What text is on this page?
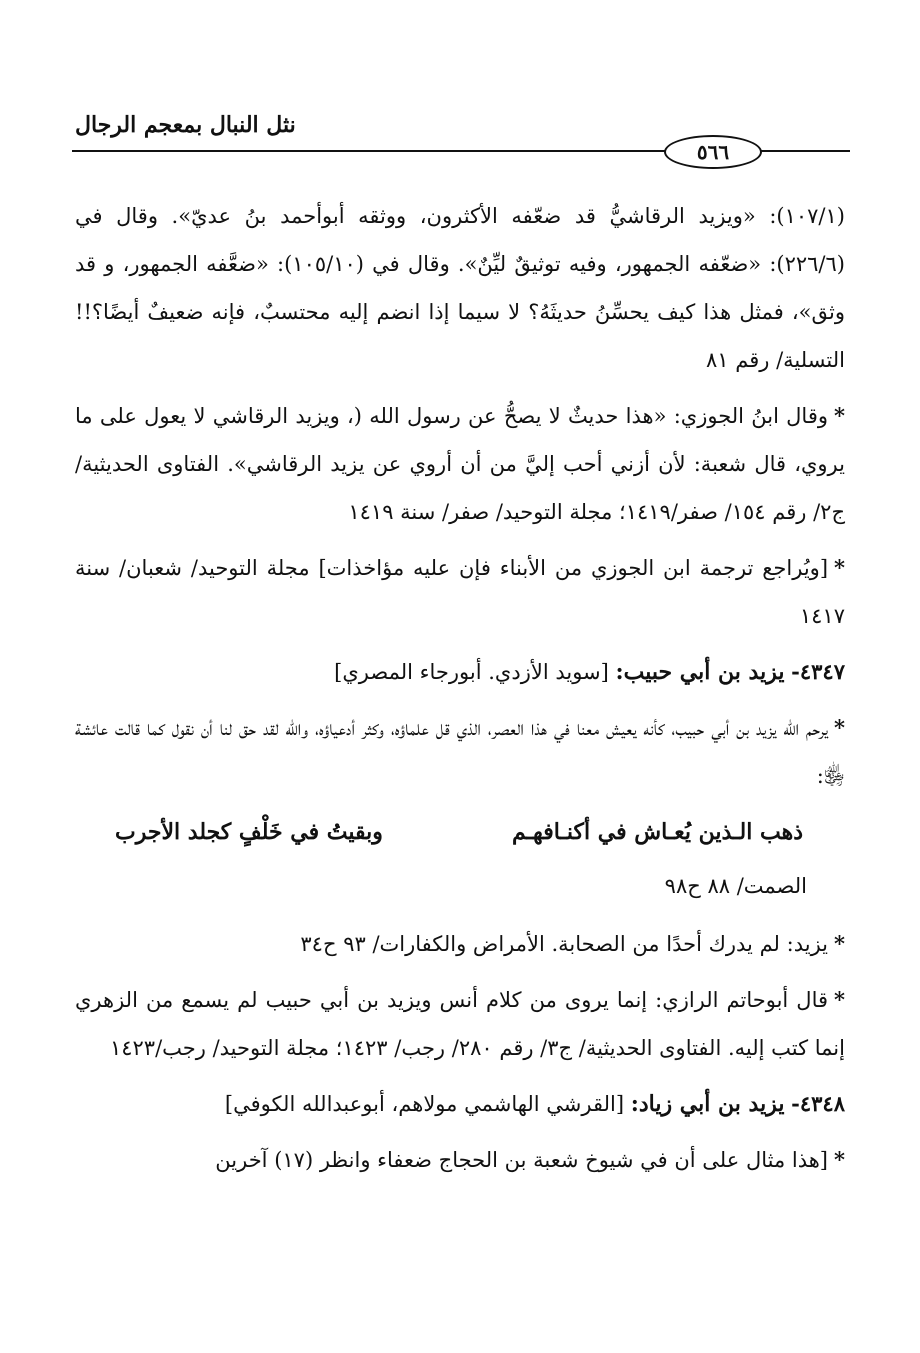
نثل النبال بمعجم الرجال
٥٦٦

(١٠٧/١): «ويزيد الرقاشيُّ قد ضعّفه الأكثرون، ووثقه أبوأحمد بنُ عديّ». وقال في (٢٢٦/٦): «ضعّفه الجمهور، وفيه توثيقٌ ليِّنٌ». وقال في (١٠٥/١٠): «ضعَّفه الجمهور، و قد وثق»، فمثل هذا كيف يحسِّنُ حديثَهُ؟ لا سيما إذا انضم إليه محتسبٌ، فإنه ضعيفٌ أيضًا؟!! التسلية/ رقم ٨١

*وقال ابنُ الجوزي: «هذا حديثٌ لا يصحُّ عن رسول الله (، ويزيد الرقاشي لا يعول على ما يروي، قال شعبة: لأن أزني أحب إليَّ من أن أروي عن يزيد الرقاشي». الفتاوى الحديثية/ ج٢/ رقم ١٥٤/ صفر/١٤١٩؛ مجلة التوحيد/ صفر/ سنة ١٤١٩

*[ويُراجع ترجمة ابن الجوزي من الأبناء فإن عليه مؤاخذات] مجلة التوحيد/ شعبان/ سنة ١٤١٧

٤٣٤٧- يزيد بن أبي حبيب: [سويد الأزدي. أبورجاء المصري]

*يرحم الله يزيد بن أبي حبيب، كأنه يعيش معنا في هذا العصر، الذي قل علماؤه، وكثر أدعياؤه، والله لقد حق لنا أن نقول كما قالت عائشة ﵂:

ذهب الـذين يُعـاش في أكنـافهـم
وبقيتُ في خَلْفٍ كجلد الأجرب

الصمت/ ٨٨ ح٩٨

*يزيد: لم يدرك أحدًا من الصحابة. الأمراض والكفارات/ ٩٣ ح٣٤

*قال أبوحاتم الرازي: إنما يروى من كلام أنس ويزيد بن أبي حبيب لم يسمع من الزهري إنما كتب إليه. الفتاوى الحديثية/ ج٣/ رقم ٢٨٠/ رجب/ ١٤٢٣؛ مجلة التوحيد/ رجب/١٤٢٣

٤٣٤٨- يزيد بن أبي زياد: [القرشي الهاشمي مولاهم، أبوعبدالله الكوفي]

*[هذا مثال على أن في شيوخ شعبة بن الحجاج ضعفاء وانظر (١٧) آخرين
